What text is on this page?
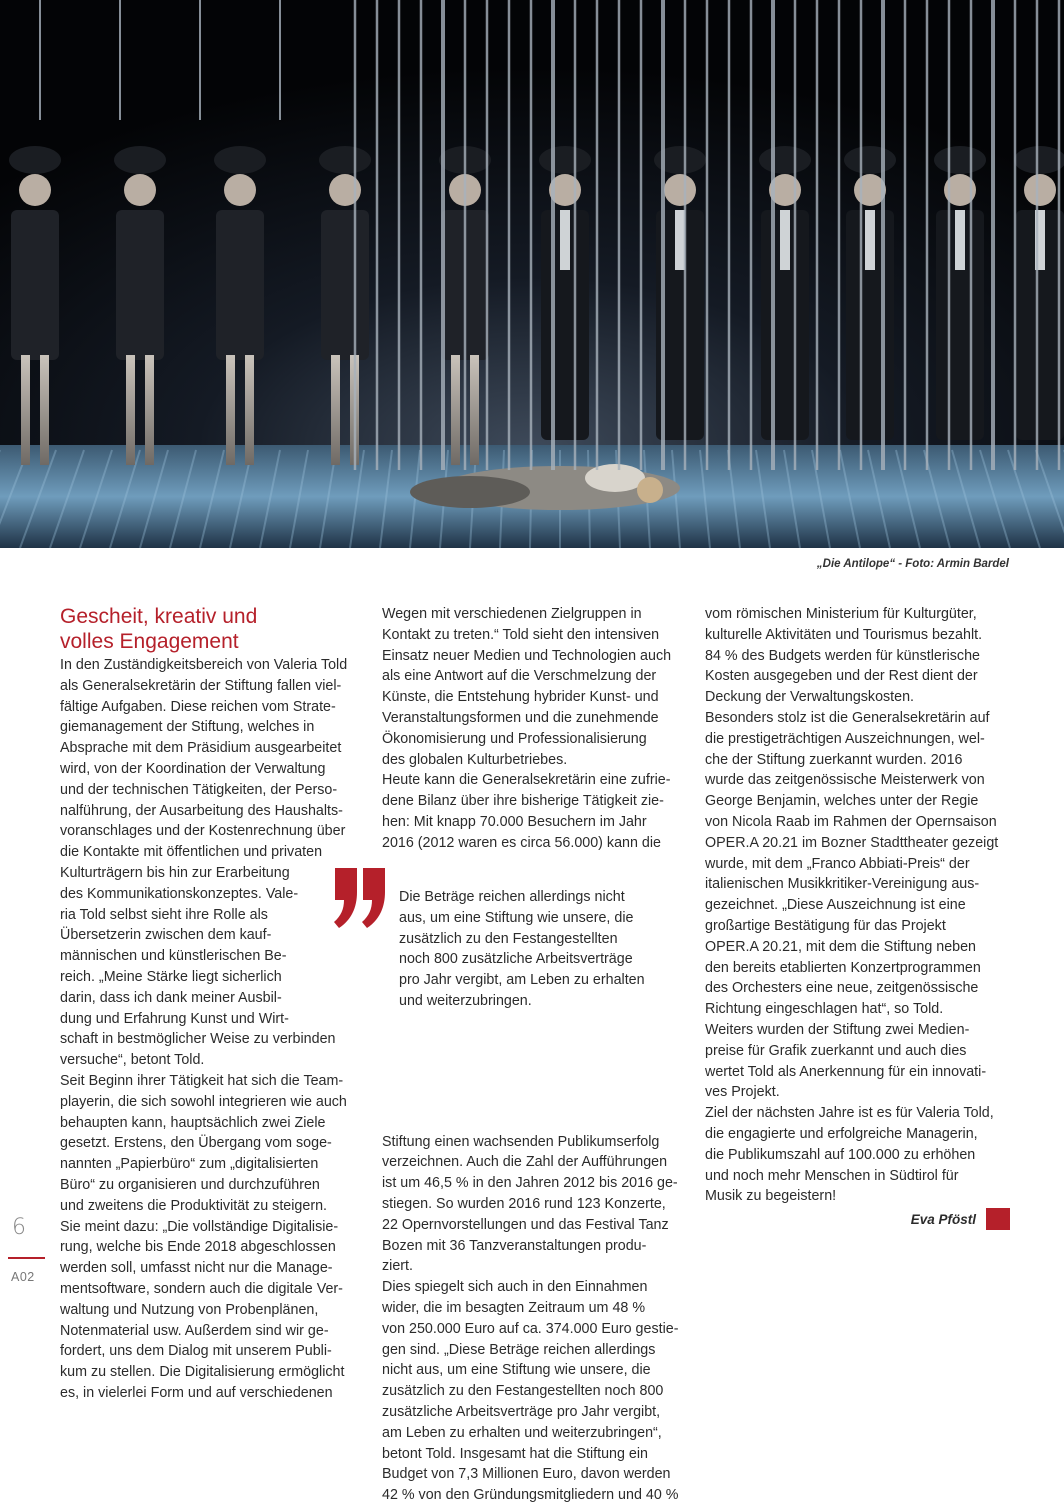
„Die Antilope“ - Foto: Armin Bardel
Gescheit, kreativ und
volles Engagement
In den Zuständigkeitsbereich von Valeria Told
als Generalsekretärin der Stiftung fallen viel-
fältige Aufgaben. Diese reichen vom Strate-
giemanagement der Stiftung, welches in
Absprache mit dem Präsidium ausgearbeitet
wird, von der Koordination der Verwaltung
und der technischen Tätigkeiten, der Perso-
nalführung, der Ausarbeitung des Haushalts-
voranschlages und der Kostenrechnung über
die Kontakte mit öffentlichen und privaten
Kulturträgern bis hin zur Erarbeitung
des Kommunikationskonzeptes. Vale-
ria Told selbst sieht ihre Rolle als
Übersetzerin zwischen dem kauf-
männischen und künstlerischen Be-
reich. „Meine Stärke liegt sicherlich
darin, dass ich dank meiner Ausbil-
dung und Erfahrung Kunst und Wirt-
schaft in bestmöglicher Weise zu verbinden
versuche“, betont Told.
Seit Beginn ihrer Tätigkeit hat sich die Team-
playerin, die sich sowohl integrieren wie auch
behaupten kann, hauptsächlich zwei Ziele
gesetzt. Erstens, den Übergang vom soge-
nannten „Papierbüro“ zum „digitalisierten
Büro“ zu organisieren und durchzuführen
und zweitens die Produktivität zu steigern.
Sie meint dazu: „Die vollständige Digitalisie-
rung, welche bis Ende 2018 abgeschlossen
werden soll, umfasst nicht nur die Manage-
mentsoftware, sondern auch die digitale Ver-
waltung und Nutzung von Probenplänen,
Notenmaterial usw. Außerdem sind wir ge-
fordert, uns dem Dialog mit unserem Publi-
kum zu stellen. Die Digitalisierung ermöglicht
es, in vielerlei Form und auf verschiedenen
Wegen mit verschiedenen Zielgruppen in
Kontakt zu treten.“ Told sieht den intensiven
Einsatz neuer Medien und Technologien auch
als eine Antwort auf die Verschmelzung der
Künste, die Entstehung hybrider Kunst- und
Veranstaltungsformen und die zunehmende
Ökonomisierung und Professionalisierung
des globalen Kulturbetriebes.
Heute kann die Generalsekretärin eine zufrie-
dene Bilanz über ihre bisherige Tätigkeit zie-
hen: Mit knapp 70.000 Besuchern im Jahr
2016 (2012 waren es circa 56.000) kann die
Stiftung einen wachsenden Publikumserfolg
verzeichnen. Auch die Zahl der Aufführungen
ist um 46,5 % in den Jahren 2012 bis 2016 ge-
stiegen. So wurden 2016 rund 123 Konzerte,
22 Opernvorstellungen und das Festival Tanz
Bozen mit 36 Tanzveranstaltungen produ-
ziert.
Dies spiegelt sich auch in den Einnahmen
wider, die im besagten Zeitraum um 48 %
von 250.000 Euro auf ca. 374.000 Euro gestie-
gen sind. „Diese Beträge reichen allerdings
nicht aus, um eine Stiftung wie unsere, die
zusätzlich zu den Festangestellten noch 800
zusätzliche Arbeitsverträge pro Jahr vergibt,
am Leben zu erhalten und weiterzubringen“,
betont Told. Insgesamt hat die Stiftung ein
Budget von 7,3 Millionen Euro, davon werden
42 % von den Gründungsmitgliedern und 40 %
Die Beträge reichen allerdings nicht
aus, um eine Stiftung wie unsere, die
zusätzlich zu den Festangestellten
noch 800 zusätzliche Arbeitsverträge
pro Jahr vergibt, am Leben zu erhalten
und weiterzubringen.
vom römischen Ministerium für Kulturgüter,
kulturelle Aktivitäten und Tourismus bezahlt.
84 % des Budgets werden für künstlerische
Kosten ausgegeben und der Rest dient der
Deckung der Verwaltungskosten.
Besonders stolz ist die Generalsekretärin auf
die prestigeträchtigen Auszeichnungen, wel-
che der Stiftung zuerkannt wurden. 2016
wurde das zeitgenössische Meisterwerk von
George Benjamin, welches unter der Regie
von Nicola Raab im Rahmen der Opernsaison
OPER.A 20.21 im Bozner Stadttheater gezeigt
wurde, mit dem „Franco Abbiati-Preis“ der
italienischen Musikkritiker-Vereinigung aus-
gezeichnet. „Diese Auszeichnung ist eine
großartige Bestätigung für das Projekt
OPER.A 20.21, mit dem die Stiftung neben
den bereits etablierten Konzertprogrammen
des Orchesters eine neue, zeitgenössische
Richtung eingeschlagen hat“, so Told.
Weiters wurden der Stiftung zwei Medien-
preise für Grafik zuerkannt und auch dies
wertet Told als Anerkennung für ein innovati-
ves Projekt.
Ziel der nächsten Jahre ist es für Valeria Told,
die engagierte und erfolgreiche Managerin,
die Publikumszahl auf 100.000 zu erhöhen
und noch mehr Menschen in Südtirol für
Musik zu begeistern!
Eva Pföstl
6
A02
